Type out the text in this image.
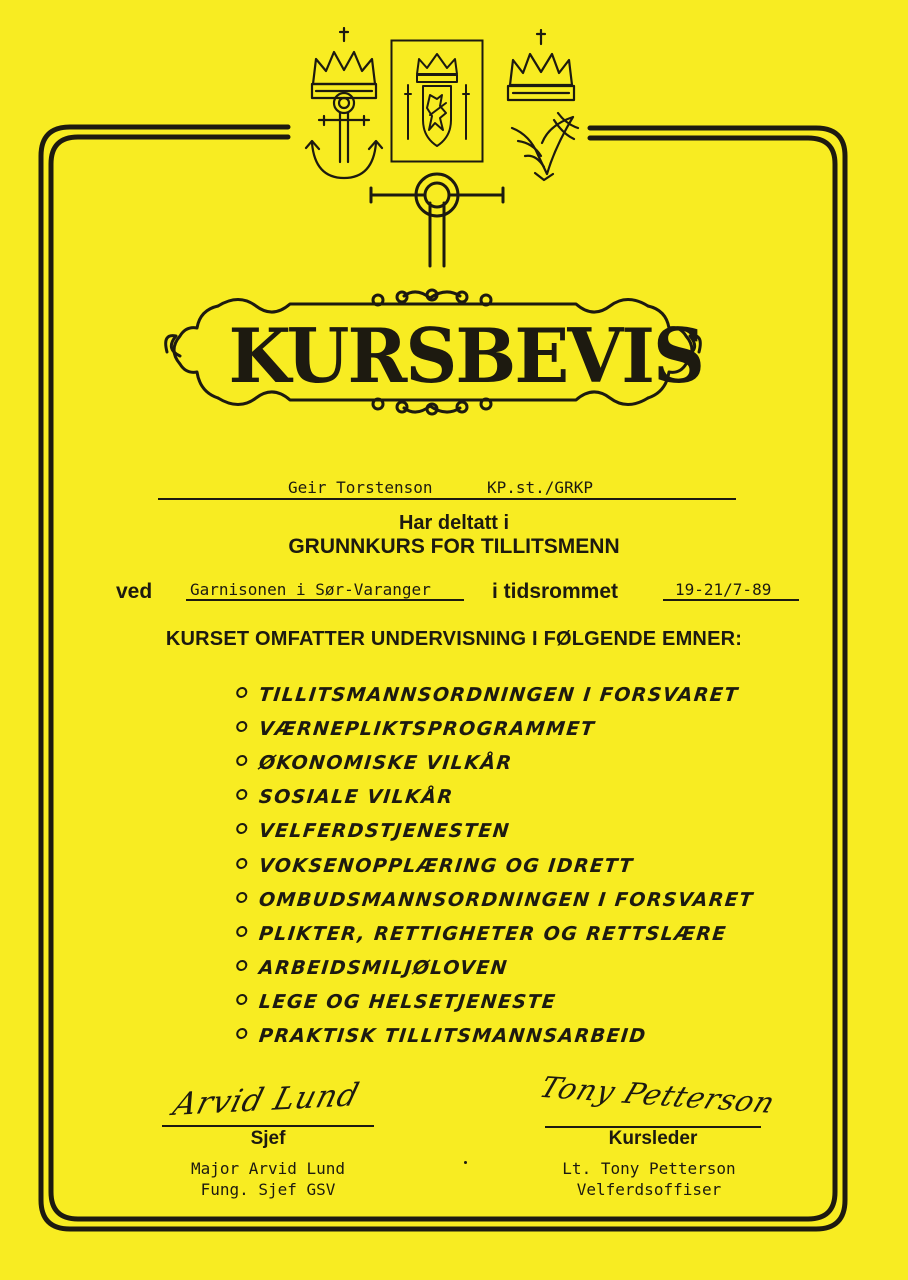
KURSBEVIS
Geir Torstenson	KP.st./GRKP
Har deltatt i
GRUNNKURS FOR TILLITSMENN
ved Garnisonen i Sør-Varanger	i tidsrommet	19-21/7-89
KURSET OMFATTER UNDERVISNING I FØLGENDE EMNER:
TILLITSMANNSORDNINGEN I FORSVARET
VÆRNEPLIKTSPROGRAMMET
ØKONOMISKE VILKÅR
SOSIALE VILKÅR
VELFERDSTJENESTEN
VOKSENOPPLÆRING OG IDRETT
OMBUDSMANNSORDNINGEN I FORSVARET
PLIKTER, RETTIGHETER OG RETTSLÆRE
ARBEIDSMILJØLOVEN
LEGE OG HELSETJENESTE
PRAKTISK TILLITSMANNSARBEID
Arvid Lund
Sjef
Major Arvid Lund
Fung. Sjef GSV
Tony Petterson
Kursleder
Lt. Tony Petterson
Velferdsoffiser
